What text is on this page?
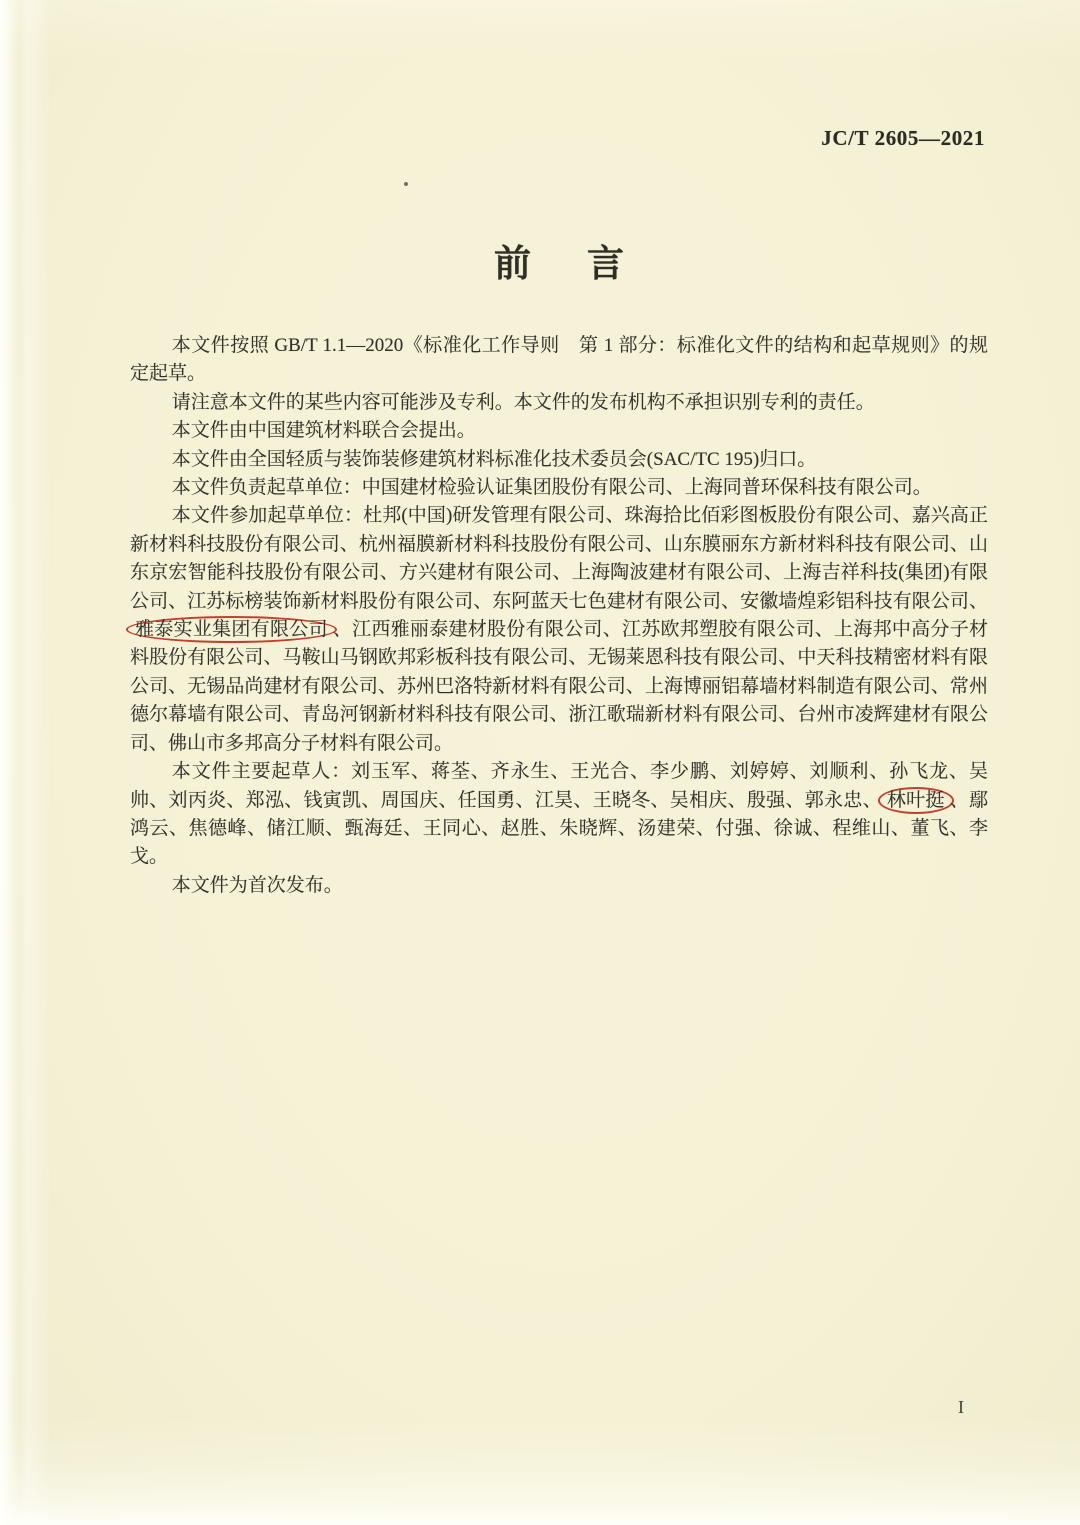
JC/T 2605—2021
前 言

本文件按照 GB/T 1.1—2020《标准化工作导则　第 1 部分：标准化文件的结构和起草规则》的规定起草。

请注意本文件的某些内容可能涉及专利。本文件的发布机构不承担识别专利的责任。

本文件由中国建筑材料联合会提出。

本文件由全国轻质与装饰装修建筑材料标准化技术委员会(SAC/TC 195)归口。

本文件负责起草单位：中国建材检验认证集团股份有限公司、上海同普环保科技有限公司。

本文件参加起草单位：杜邦(中国)研发管理有限公司、珠海拾比佰彩图板股份有限公司、嘉兴高正新材料科技股份有限公司、杭州福膜新材料科技股份有限公司、山东膜丽东方新材料科技有限公司、山东京宏智能科技股份有限公司、方兴建材有限公司、上海陶波建材有限公司、上海吉祥科技(集团)有限公司、江苏标榜装饰新材料股份有限公司、东阿蓝天七色建材有限公司、安徽墙煌彩铝科技有限公司、雅泰实业集团有限公司 、江西雅丽泰建材股份有限公司、江苏欧邦塑胶有限公司、上海邦中高分子材料股份有限公司、马鞍山马钢欧邦彩板科技有限公司、无锡莱恩科技有限公司、中天科技精密材料有限公司、无锡品尚建材有限公司、苏州巴洛特新材料有限公司、上海博丽铝幕墙材料制造有限公司、常州德尔幕墙有限公司、青岛河钢新材料科技有限公司、浙江歌瑞新材料有限公司、台州市凌辉建材有限公司、佛山市多邦高分子材料有限公司。

本文件主要起草人：刘玉军、蒋荃、齐永生、王光合、李少鹏、刘婷婷、刘顺利、孙飞龙、吴帅、刘丙炎、郑泓、钱寅凯、周国庆、任国勇、江昊、王晓冬、吴相庆、殷强、郭永忠、 林叶挺 、鄢鸿云、焦德峰、储江顺、甄海廷、王同心、赵胜、朱晓辉、汤建荣、付强、徐诚、程维山、董飞、李戈。

本文件为首次发布。

I
